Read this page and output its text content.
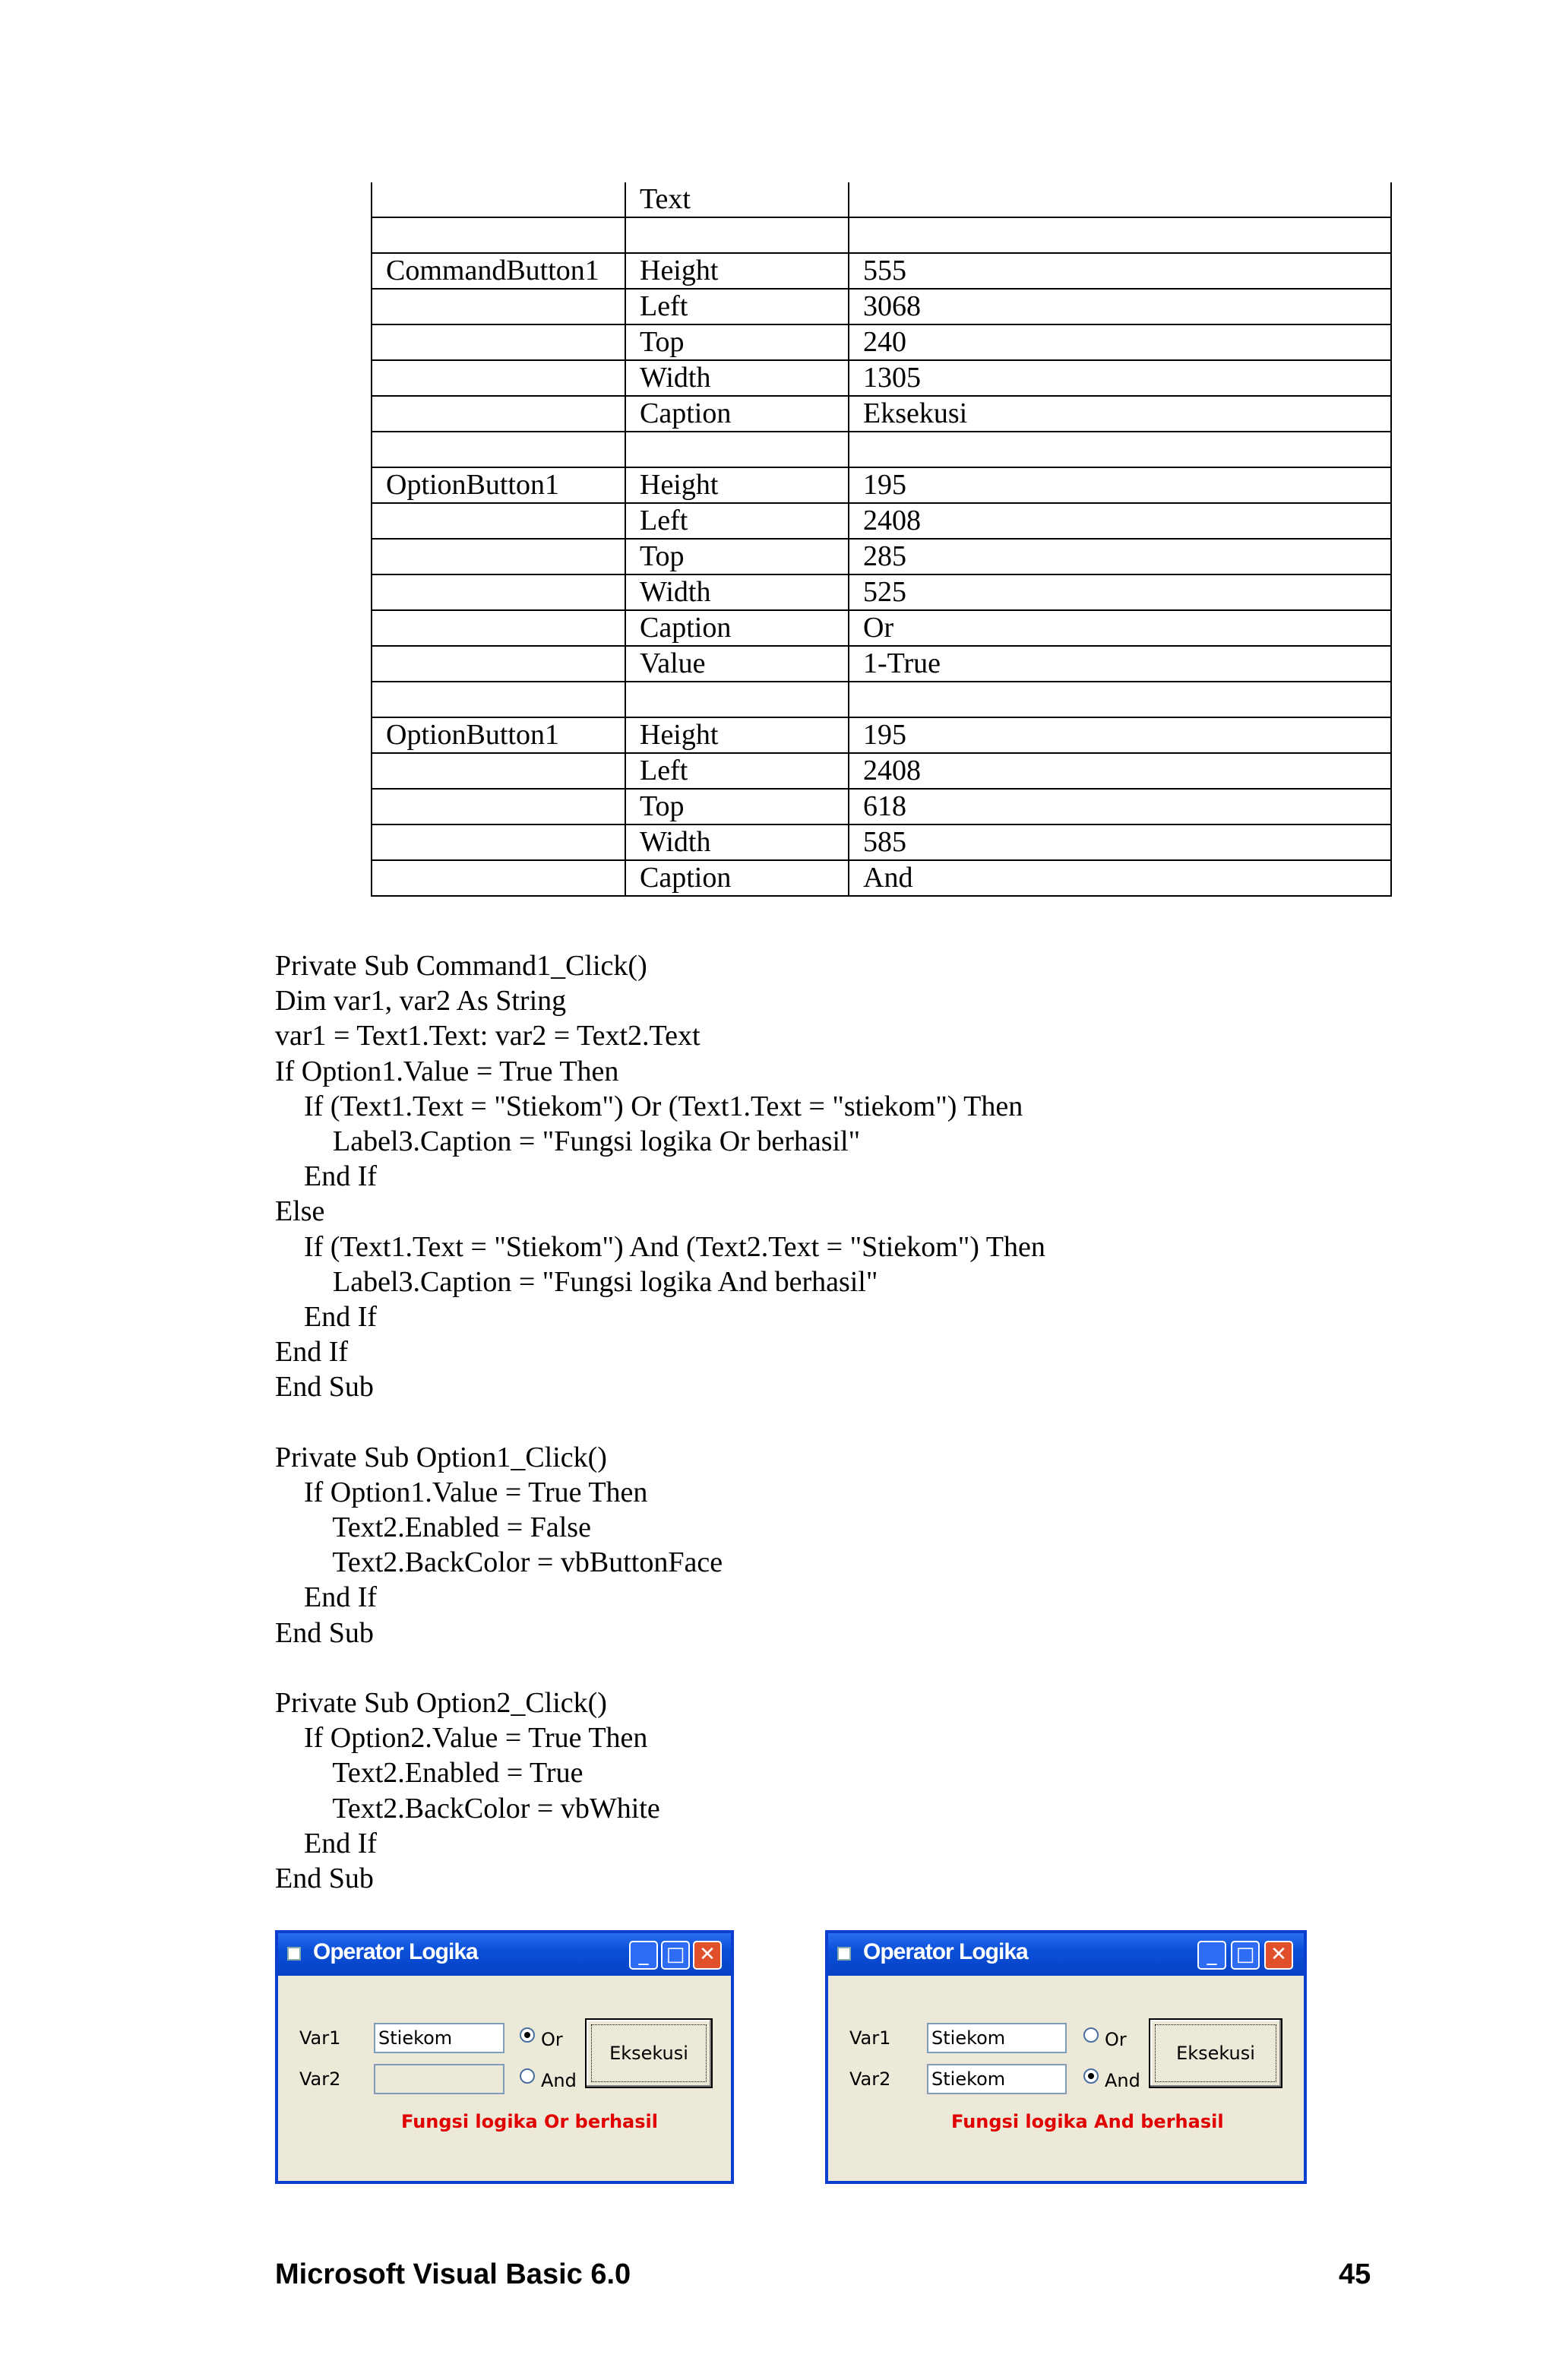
	Text	

CommandButton1	Height	555
	Left	3068
	Top	240
	Width	1305
	Caption	Eksekusi

OptionButton1	Height	195
	Left	2408
	Top	285
	Width	525
	Caption	Or
	Value	1-True

OptionButton1	Height	195
	Left	2408
	Top	618
	Width	585
	Caption	And
Private Sub Command1_Click()
Dim var1, var2 As String
var1 = Text1.Text: var2 = Text2.Text
If Option1.Value = True Then
If (Text1.Text = "Stiekom") Or (Text1.Text = "stiekom") Then
Label3.Caption = "Fungsi logika Or berhasil"
End If
Else
If (Text1.Text = "Stiekom") And (Text2.Text = "Stiekom") Then
Label3.Caption = "Fungsi logika And berhasil"
End If
End If
End Sub
Private Sub Option1_Click()
If Option1.Value = True Then
Text2.Enabled = False
Text2.BackColor = vbButtonFace
End If
End Sub
Private Sub Option2_Click()
If Option2.Value = True Then
Text2.Enabled = True
Text2.BackColor = vbWhite
End If
End Sub
Operator Logika	_ □ ✕
Var1
Var2
Stiekom	Or
And
Eksekusi
Fungsi logika Or berhasil
Operator Logika	_ □ ✕
Var1
Var2
Stiekom
Stiekom
Or
And
Eksekusi
Fungsi logika And berhasil
Microsoft Visual Basic 6.0	45
